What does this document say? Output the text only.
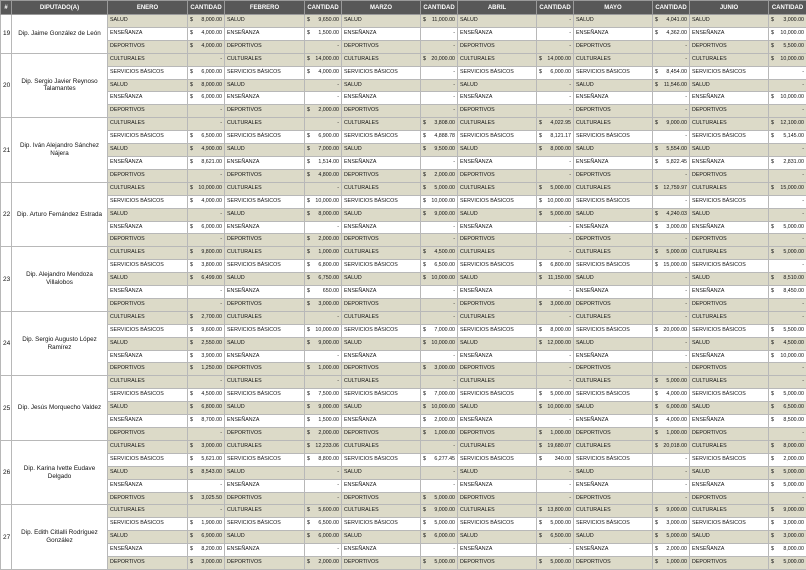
#	DIPUTADO(A)	ENERO	CANTIDAD	FEBRERO	CANTIDAD	MARZO	CANTIDAD	ABRIL	CANTIDAD	MAYO	CANTIDAD	JUNIO	CANTIDAD
19	Dip. Jaime González de León	SALUD	$ 8,000.00	SALUD	$ 9,650.00	SALUD	$ 11,000.00	SALUD	-	SALUD	$ 4,041.00	SALUD	$ 3,000.00
		ENSEÑANZA	$ 4,000.00	ENSEÑANZA	$ 1,500.00	ENSEÑANZA	-	ENSEÑANZA	-	ENSEÑANZA	$ 4,362.00	ENSEÑANZA	$ 10,000.00
		DEPORTIVOS	$ 4,000.00	DEPORTIVOS	-	DEPORTIVOS	-	DEPORTIVOS	-	DEPORTIVOS	-	DEPORTIVOS	$ 5,500.00
20	Dip. Sergio Javier Reynoso Talamantes	CULTURALES	-	CULTURALES	$ 14,000.00	CULTURALES	$ 20,000.00	CULTURALES	$ 14,000.00	CULTURALES	-	CULTURALES	$ 10,000.00
		SERVICIOS BÁSICOS	$ 6,000.00	SERVICIOS BÁSICOS	$ 4,000.00	SERVICIOS BÁSICOS	-	SERVICIOS BÁSICOS	$ 6,000.00	SERVICIOS BÁSICOS	$ 8,454.00	SERVICIOS BÁSICOS	-
		SALUD	$ 8,000.00	SALUD	-	SALUD	-	SALUD	-	SALUD	$ 11,546.00	SALUD	-
		ENSEÑANZA	$ 6,000.00	ENSEÑANZA	-	ENSEÑANZA	-	ENSEÑANZA	-	ENSEÑANZA	-	ENSEÑANZA	$ 10,000.00
		DEPORTIVOS	-	DEPORTIVOS	$ 2,000.00	DEPORTIVOS	-	DEPORTIVOS	-	DEPORTIVOS	-	DEPORTIVOS	-
21	Dip. Iván Alejandro Sánchez Nájera	CULTURALES	-	CULTURALES	-	CULTURALES	$ 3,808.00	CULTURALES	$ 4,022.95	CULTURALES	$ 9,000.00	CULTURALES	$ 12,100.00
		SERVICIOS BÁSICOS	$ 6,500.00	SERVICIOS BÁSICOS	$ 6,900.00	SERVICIOS BÁSICOS	$ 4,888.78	SERVICIOS BÁSICOS	$ 8,121.17	SERVICIOS BÁSICOS	-	SERVICIOS BÁSICOS	$ 5,145.00
		SALUD	$ 4,900.00	SALUD	$ 7,000.00	SALUD	$ 9,500.00	SALUD	$ 8,000.00	SALUD	$ 5,554.00	SALUD	-
		ENSEÑANZA	$ 8,621.00	ENSEÑANZA	$ 1,514.00	ENSEÑANZA	-	ENSEÑANZA	-	ENSEÑANZA	$ 5,822.45	ENSEÑANZA	$ 2,831.00
		DEPORTIVOS	-	DEPORTIVOS	$ 4,800.00	DEPORTIVOS	$ 2,000.00	DEPORTIVOS	-	DEPORTIVOS	-	DEPORTIVOS	-
22	Dip. Arturo Fernández Estrada	CULTURALES	$ 10,000.00	CULTURALES	-	CULTURALES	$ 5,000.00	CULTURALES	$ 5,000.00	CULTURALES	$ 12,759.97	CULTURALES	$ 15,000.00
		SERVICIOS BÁSICOS	$ 4,000.00	SERVICIOS BÁSICOS	$ 10,000.00	SERVICIOS BÁSICOS	$ 10,000.00	SERVICIOS BÁSICOS	$ 10,000.00	SERVICIOS BÁSICOS	-	SERVICIOS BÁSICOS	-
		SALUD	-	SALUD	$ 8,000.00	SALUD	$ 9,000.00	SALUD	$ 5,000.00	SALUD	$ 4,240.03	SALUD	-
		ENSEÑANZA	$ 6,000.00	ENSEÑANZA	-	ENSEÑANZA	-	ENSEÑANZA	-	ENSEÑANZA	$ 3,000.00	ENSEÑANZA	$ 5,000.00
		DEPORTIVOS	-	DEPORTIVOS	$ 2,000.00	DEPORTIVOS	-	DEPORTIVOS	-	DEPORTIVOS	-	DEPORTIVOS	-
23	Dip. Alejandro Mendoza Villalobos	CULTURALES	$ 9,800.00	CULTURALES	$ 1,000.00	CULTURALES	$ 4,500.00	CULTURALES	-	CULTURALES	$ 5,000.00	CULTURALES	$ 5,000.00
		SERVICIOS BÁSICOS	$ 3,800.00	SERVICIOS BÁSICOS	$ 6,800.00	SERVICIOS BÁSICOS	$ 6,500.00	SERVICIOS BÁSICOS	$ 6,800.00	SERVICIOS BÁSICOS	$ 15,000.00	SERVICIOS BÁSICOS	-
		SALUD	$ 6,499.00	SALUD	$ 6,750.00	SALUD	$ 10,000.00	SALUD	$ 11,150.00	SALUD	-	SALUD	$ 8,510.00
		ENSEÑANZA	-	ENSEÑANZA	$ 650.00	ENSEÑANZA	-	ENSEÑANZA	-	ENSEÑANZA	-	ENSEÑANZA	$ 8,450.00
		DEPORTIVOS	-	DEPORTIVOS	$ 3,000.00	DEPORTIVOS	-	DEPORTIVOS	$ 3,000.00	DEPORTIVOS	-	DEPORTIVOS	-
24	Dip. Sergio Augusto López Ramírez	CULTURALES	$ 2,700.00	CULTURALES	-	CULTURALES	-	CULTURALES	-	CULTURALES	-	CULTURALES	-
		SERVICIOS BÁSICOS	$ 9,600.00	SERVICIOS BÁSICOS	$ 10,000.00	SERVICIOS BÁSICOS	$ 7,000.00	SERVICIOS BÁSICOS	$ 8,000.00	SERVICIOS BÁSICOS	$ 20,000.00	SERVICIOS BÁSICOS	$ 5,500.00
		SALUD	$ 2,550.00	SALUD	$ 9,000.00	SALUD	$ 10,000.00	SALUD	$ 12,000.00	SALUD	-	SALUD	$ 4,500.00
		ENSEÑANZA	$ 3,900.00	ENSEÑANZA	-	ENSEÑANZA	-	ENSEÑANZA	-	ENSEÑANZA	-	ENSEÑANZA	$ 10,000.00
		DEPORTIVOS	$ 1,250.00	DEPORTIVOS	$ 1,000.00	DEPORTIVOS	$ 3,000.00	DEPORTIVOS	-	DEPORTIVOS	-	DEPORTIVOS	-
25	Dip. Jesús Morquecho Valdez	CULTURALES	-	CULTURALES	-	CULTURALES	-	CULTURALES	-	CULTURALES	$ 5,000.00	CULTURALES	-
		SERVICIOS BÁSICOS	$ 4,500.00	SERVICIOS BÁSICOS	$ 7,500.00	SERVICIOS BÁSICOS	$ 7,000.00	SERVICIOS BÁSICOS	$ 5,000.00	SERVICIOS BÁSICOS	$ 4,000.00	SERVICIOS BÁSICOS	$ 5,000.00
		SALUD	$ 6,800.00	SALUD	$ 9,000.00	SALUD	$ 10,000.00	SALUD	$ 10,000.00	SALUD	$ 6,000.00	SALUD	$ 6,500.00
		ENSEÑANZA	$ 8,700.00	ENSEÑANZA	$ 1,500.00	ENSEÑANZA	$ 2,000.00	ENSEÑANZA	-	ENSEÑANZA	$ 4,000.00	ENSEÑANZA	$ 8,500.00
		DEPORTIVOS	-	DEPORTIVOS	$ 2,000.00	DEPORTIVOS	$ 1,000.00	DEPORTIVOS	$ 1,000.00	DEPORTIVOS	$ 1,000.00	DEPORTIVOS	-
26	Dip. Karina Ivette Eudave Delgado	CULTURALES	$ 3,000.00	CULTURALES	$ 12,233.06	CULTURALES	-	CULTURALES	$ 19,680.07	CULTURALES	$ 20,018.00	CULTURALES	$ 8,000.00
		SERVICIOS BÁSICOS	$ 5,621.00	SERVICIOS BÁSICOS	$ 8,800.00	SERVICIOS BÁSICOS	$ 6,277.45	SERVICIOS BÁSICOS	$ 340.00	SERVICIOS BÁSICOS	-	SERVICIOS BÁSICOS	$ 2,000.00
		SALUD	$ 8,543.00	SALUD	-	SALUD	-	SALUD	-	SALUD	-	SALUD	$ 5,000.00
		ENSEÑANZA	-	ENSEÑANZA	-	ENSEÑANZA	-	ENSEÑANZA	-	ENSEÑANZA	-	ENSEÑANZA	$ 5,000.00
		DEPORTIVOS	$ 3,025.50	DEPORTIVOS	-	DEPORTIVOS	$ 5,000.00	DEPORTIVOS	-	DEPORTIVOS	-	DEPORTIVOS	-
27	Dip. Edith Citlalli Rodríguez González	CULTURALES	-	CULTURALES	$ 5,600.00	CULTURALES	$ 9,000.00	CULTURALES	$ 13,800.00	CULTURALES	$ 9,000.00	CULTURALES	$ 9,000.00
		SERVICIOS BÁSICOS	$ 1,900.00	SERVICIOS BÁSICOS	$ 6,500.00	SERVICIOS BÁSICOS	$ 5,000.00	SERVICIOS BÁSICOS	$ 5,000.00	SERVICIOS BÁSICOS	$ 3,000.00	SERVICIOS BÁSICOS	$ 3,000.00
		SALUD	$ 6,900.00	SALUD	$ 6,000.00	SALUD	$ 6,000.00	SALUD	$ 6,500.00	SALUD	$ 5,000.00	SALUD	$ 3,000.00
		ENSEÑANZA	$ 8,200.00	ENSEÑANZA	-	ENSEÑANZA	-	ENSEÑANZA	-	ENSEÑANZA	$ 2,000.00	ENSEÑANZA	$ 8,000.00
		DEPORTIVOS	$ 3,000.00	DEPORTIVOS	$ 2,000.00	DEPORTIVOS	$ 5,000.00	DEPORTIVOS	$ 5,000.00	DEPORTIVOS	$ 1,000.00	DEPORTIVOS	$ 5,000.00
